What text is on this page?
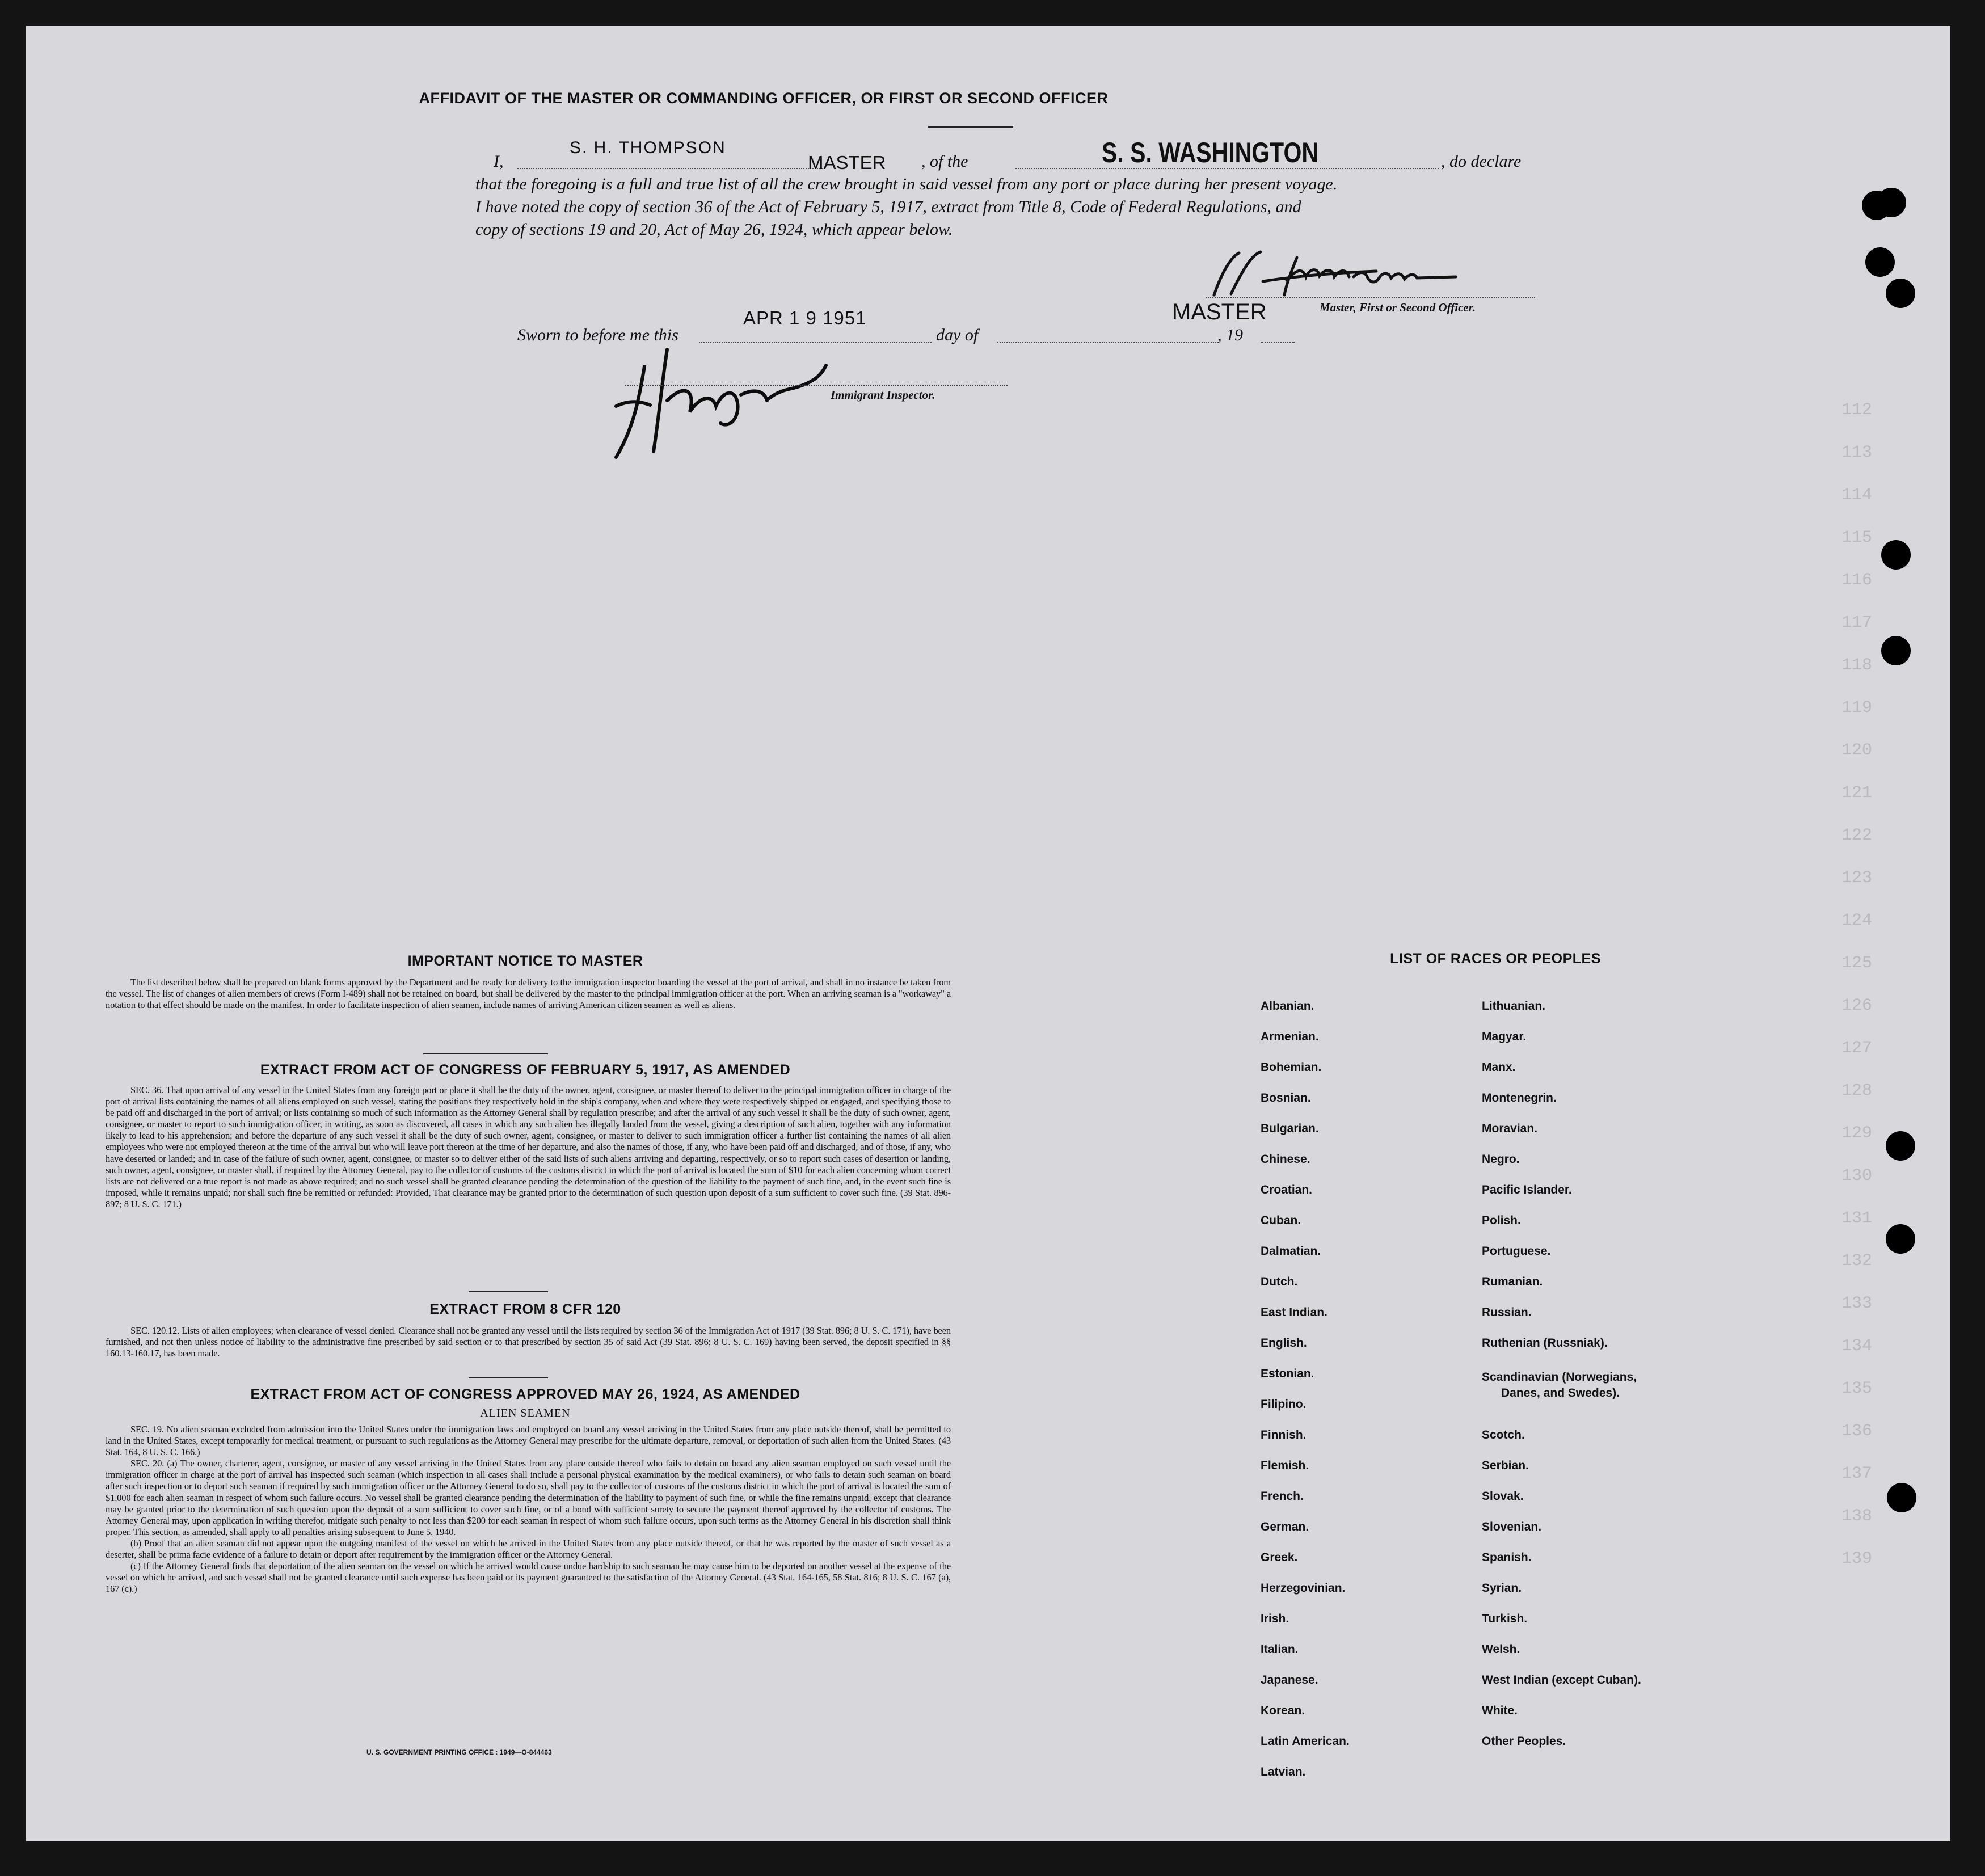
112
113
114
115
116
117
118
119
120
121
122
123
124
125
126
127
128
129
130
131
132
133
134
135
136
137
138
139
AFFIDAVIT OF THE MASTER OR COMMANDING OFFICER, OR FIRST OR SECOND OFFICER
I,
S. H. THOMPSON
MASTER , of the	S. S. WASHINGTON	, do declare
that the foregoing is a full and true list of all the crew brought in said vessel from any port or place during her present voyage.
I have noted the copy of section 36 of the Act of February 5, 1917, extract from Title 8, Code of Federal Regulations, and
copy of sections 19 and 20, Act of May 26, 1924, which appear below.
Master, First or Second Officer.
Sworn to before me this
APR 1 9 1951
day of	, 19
MASTER
Immigrant Inspector.
IMPORTANT NOTICE TO MASTER

The list described below shall be prepared on blank forms approved by the Department and be ready for delivery to the immigration inspector boarding the vessel at the port of arrival, and shall in no instance be taken from the vessel. The list of changes of alien members of crews (Form I-489) shall not be retained on board, but shall be delivered by the master to the principal immigration officer at the port. When an arriving seaman is a "workaway" a notation to that effect should be made on the manifest. In order to facilitate inspection of alien seamen, include names of arriving American citizen seamen as well as aliens.

EXTRACT FROM ACT OF CONGRESS OF FEBRUARY 5, 1917, AS AMENDED

SEC. 36. That upon arrival of any vessel in the United States from any foreign port or place it shall be the duty of the owner, agent, consignee, or master thereof to deliver to the principal immigration officer in charge of the port of arrival lists containing the names of all aliens employed on such vessel, stating the positions they respectively hold in the ship's company, when and where they were respectively shipped or engaged, and specifying those to be paid off and discharged in the port of arrival; or lists containing so much of such information as the Attorney General shall by regulation prescribe; and after the arrival of any such vessel it shall be the duty of such owner, agent, consignee, or master to report to such immigration officer, in writing, as soon as discovered, all cases in which any such alien has illegally landed from the vessel, giving a description of such alien, together with any information likely to lead to his apprehension; and before the departure of any such vessel it shall be the duty of such owner, agent, consignee, or master to deliver to such immigration officer a further list containing the names of all alien employees who were not employed thereon at the time of the arrival but who will leave port thereon at the time of her departure, and also the names of those, if any, who have been paid off and discharged, and of those, if any, who have deserted or landed; and in case of the failure of such owner, agent, consignee, or master so to deliver either of the said lists of such aliens arriving and departing, respectively, or so to report such cases of desertion or landing, such owner, agent, consignee, or master shall, if required by the Attorney General, pay to the collector of customs of the customs district in which the port of arrival is located the sum of $10 for each alien concerning whom correct lists are not delivered or a true report is not made as above required; and no such vessel shall be granted clearance pending the determination of the question of the liability to the payment of such fine, and, in the event such fine is imposed, while it remains unpaid; nor shall such fine be remitted or refunded: Provided, That clearance may be granted prior to the determination of such question upon deposit of a sum sufficient to cover such fine. (39 Stat. 896-897; 8 U. S. C. 171.)

EXTRACT FROM 8 CFR 120

SEC. 120.12. Lists of alien employees; when clearance of vessel denied. Clearance shall not be granted any vessel until the lists required by section 36 of the Immigration Act of 1917 (39 Stat. 896; 8 U. S. C. 171), have been furnished, and not then unless notice of liability to the administrative fine prescribed by said section or to that prescribed by section 35 of said Act (39 Stat. 896; 8 U. S. C. 169) having been served, the deposit specified in §§ 160.13-160.17, has been made.

EXTRACT FROM ACT OF CONGRESS APPROVED MAY 26, 1924, AS AMENDED
ALIEN SEAMEN

SEC. 19. No alien seaman excluded from admission into the United States under the immigration laws and employed on board any vessel arriving in the United States from any place outside thereof, shall be permitted to land in the United States, except temporarily for medical treatment, or pursuant to such regulations as the Attorney General may prescribe for the ultimate departure, removal, or deportation of such alien from the United States. (43 Stat. 164, 8 U. S. C. 166.)

SEC. 20. (a) The owner, charterer, agent, consignee, or master of any vessel arriving in the United States from any place outside thereof who fails to detain on board any alien seaman employed on such vessel until the immigration officer in charge at the port of arrival has inspected such seaman (which inspection in all cases shall include a personal physical examination by the medical examiners), or who fails to detain such seaman on board after such inspection or to deport such seaman if required by such immigration officer or the Attorney General to do so, shall pay to the collector of customs of the customs district in which the port of arrival is located the sum of $1,000 for each alien seaman in respect of whom such failure occurs. No vessel shall be granted clearance pending the determination of the liability to payment of such fine, or while the fine remains unpaid, except that clearance may be granted prior to the determination of such question upon the deposit of a sum sufficient to cover such fine, or of a bond with sufficient surety to secure the payment thereof approved by the collector of customs. The Attorney General may, upon application in writing therefor, mitigate such penalty to not less than $200 for each seaman in respect of whom such failure occurs, upon such terms as the Attorney General in his discretion shall think proper. This section, as amended, shall apply to all penalties arising subsequent to June 5, 1940.

(b) Proof that an alien seaman did not appear upon the outgoing manifest of the vessel on which he arrived in the United States from any place outside thereof, or that he was reported by the master of such vessel as a deserter, shall be prima facie evidence of a failure to detain or deport after requirement by the immigration officer or the Attorney General.

(c) If the Attorney General finds that deportation of the alien seaman on the vessel on which he arrived would cause undue hardship to such seaman he may cause him to be deported on another vessel at the expense of the vessel on which he arrived, and such vessel shall not be granted clearance until such expense has been paid or its payment guaranteed to the satisfaction of the Attorney General. (43 Stat. 164-165, 58 Stat. 816; 8 U. S. C. 167 (a), 167 (c).)

U. S. GOVERNMENT PRINTING OFFICE : 1949—O-844463
LIST OF RACES OR PEOPLES
Albanian.
Armenian.
Bohemian.
Bosnian.
Bulgarian.
Chinese.
Croatian.
Cuban.
Dalmatian.
Dutch.
East Indian.
English.
Estonian.
Filipino.
Finnish.
Flemish.
French.
German.
Greek.
Herzegovinian.
Irish.
Italian.
Japanese.
Korean.
Latin American.
Latvian.
Lithuanian.
Magyar.
Manx.
Montenegrin.
Moravian.
Negro.
Pacific Islander.
Polish.
Portuguese.
Rumanian.
Russian.
Ruthenian (Russniak).
Scandinavian (Norwegians,
Danes, and Swedes).
Scotch.
Serbian.
Slovak.
Slovenian.
Spanish.
Syrian.
Turkish.
Welsh.
West Indian (except Cuban).
White.
Other Peoples.
